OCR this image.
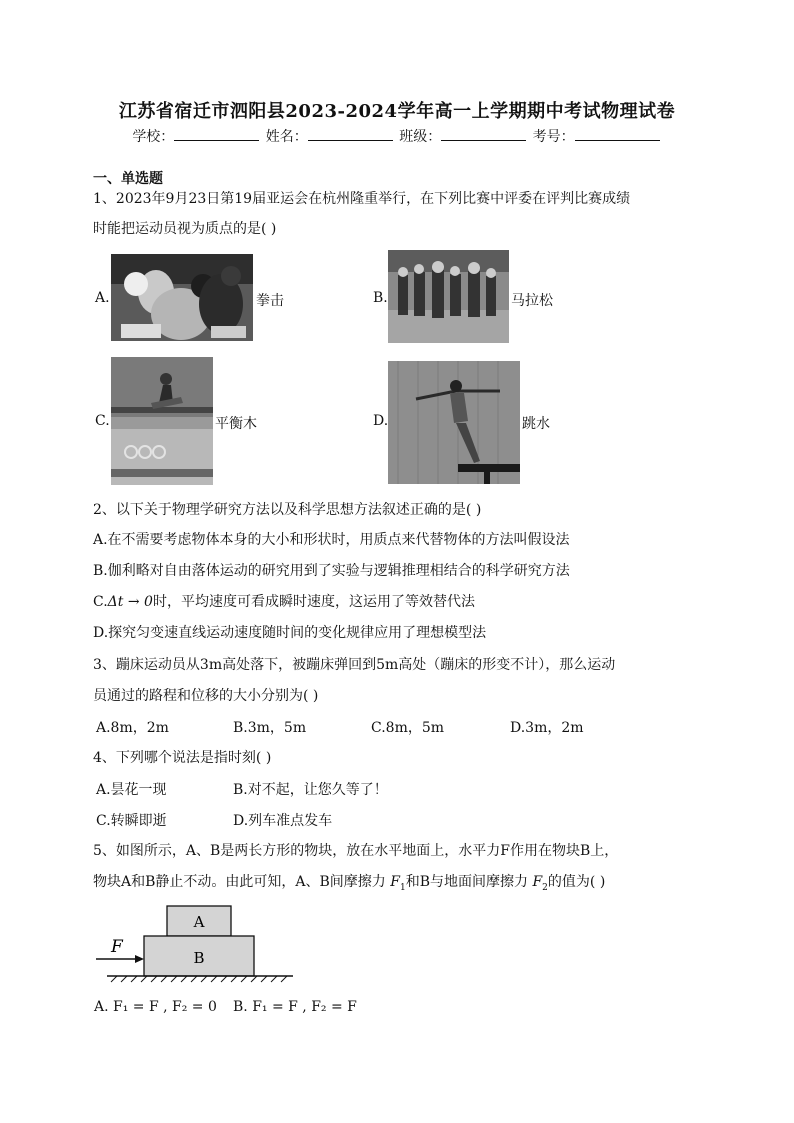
江苏省宿迁市泗阳县2023-2024学年高一上学期期中考试物理试卷
学校：	姓名：	班级：	考号：
一、单选题
1、2023年9月23日第19届亚运会在杭州隆重举行，在下列比赛中评委在评判比赛成绩
时能把运动员视为质点的是( )
A.	拳击	B.	马拉松
C.	平衡木	D.	跳水
2、以下关于物理学研究方法以及科学思想方法叙述正确的是( )
A.在不需要考虑物体本身的大小和形状时，用质点来代替物体的方法叫假设法
B.伽利略对自由落体运动的研究用到了实验与逻辑推理相结合的科学研究方法
C.Δt → 0时，平均速度可看成瞬时速度，这运用了等效替代法
D.探究匀变速直线运动速度随时间的变化规律应用了理想模型法
3、蹦床运动员从3m高处落下，被蹦床弹回到5m高处（蹦床的形变不计），那么运动
员通过的路程和位移的大小分别为( )
A.8m，2m	B.3m，5m	C.8m，5m	D.3m，2m
4、下列哪个说法是指时刻( )
A.昙花一现	B.对不起，让您久等了！
C.转瞬即逝	D.列车准点发车
5、如图所示，A、B是两长方形的物块，放在水平地面上，水平力F作用在物块B上，
物块A和B静止不动。由此可知，A、B间摩擦力 $F_1$和B与地面间摩擦力 $F_2$的值为( )
A
B
F
A. F₁ = F , F₂ = 0 B. F₁ = F , F₂ = F
